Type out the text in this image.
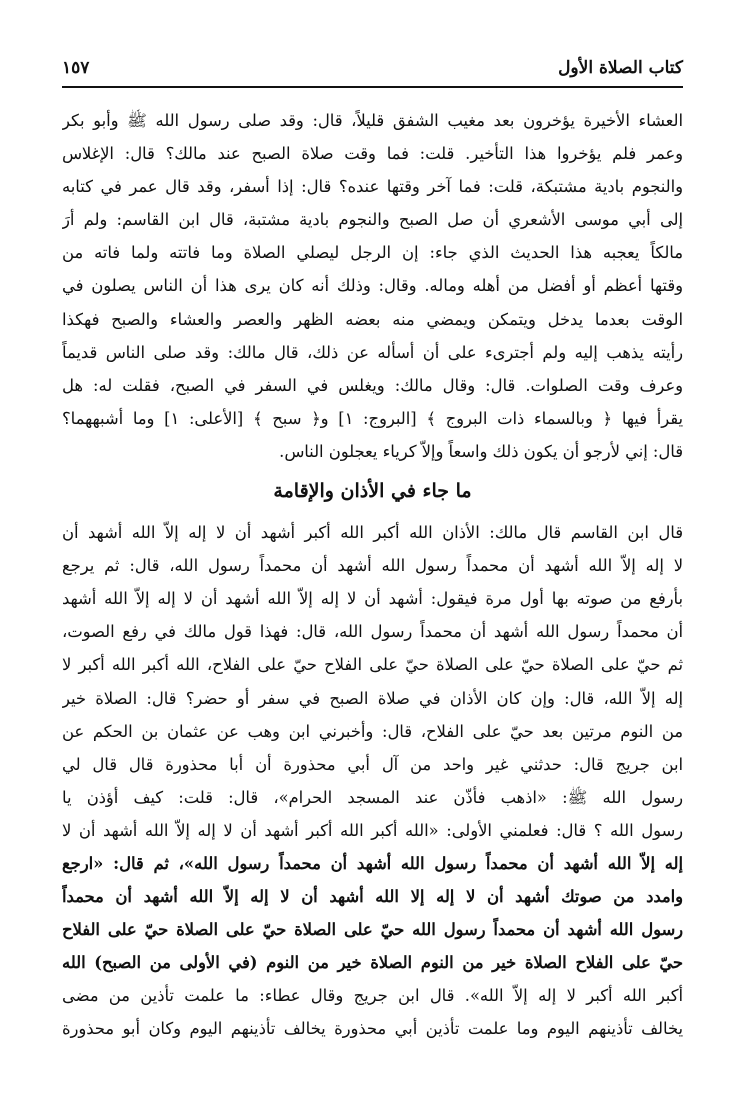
كتاب الصلاة الأول
١٥٧
العشاء الأخيرة يؤخرون بعد مغيب الشفق قليلاً، قال: وقد صلى رسول الله ﷺ وأبو بكر
وعمر فلم يؤخروا هذا التأخير. قلت: فما وقت صلاة الصبح عند مالك؟ قال: الإغلاس
والنجوم بادية مشتبكة، قلت: فما آخر وقتها عنده؟ قال: إذا أسفر، وقد قال عمر في كتابه
إلى أبي موسى الأشعري أن صل الصبح والنجوم بادية مشتبة، قال ابن القاسم: ولم أرَ
مالكاً يعجبه هذا الحديث الذي جاء: إن الرجل ليصلي الصلاة وما فاتته ولما فاته من
وقتها أعظم أو أفضل من أهله وماله. وقال: وذلك أنه كان يرى هذا أن الناس يصلون في
الوقت بعدما يدخل ويتمكن ويمضي منه بعضه الظهر والعصر والعشاء والصبح فهكذا
رأيته يذهب إليه ولم أجترىء على أن أسأله عن ذلك، قال مالك: وقد صلى الناس قديماً
وعرف وقت الصلوات. قال: وقال مالك: ويغلس في السفر في الصبح، فقلت له: هل
يقرأ فيها ﴿ وبالسماء ذات البروج ﴾ [البروج: ١] و﴿ سبح ﴾ [الأعلى: ١] وما أشبههما؟
قال: إني لأرجو أن يكون ذلك واسعاً وإلاّ كرياء يعجلون الناس.
ما جاء في الأذان والإقامة
قال ابن القاسم قال مالك: الأذان الله أكبر الله أكبر أشهد أن لا إله إلاّ الله أشهد أن
لا إله إلاّ الله أشهد أن محمداً رسول الله أشهد أن محمداً رسول الله، قال: ثم يرجع
بأرفع من صوته بها أول مرة فيقول: أشهد أن لا إله إلاّ الله أشهد أن لا إله إلاّ الله أشهد
أن محمداً رسول الله أشهد أن محمداً رسول الله، قال: فهذا قول مالك في رفع الصوت،
ثم حيّ على الصلاة حيّ على الصلاة حيّ على الفلاح حيّ على الفلاح، الله أكبر الله أكبر لا
إله إلاّ الله، قال: وإن كان الأذان في صلاة الصبح في سفر أو حضر؟ قال: الصلاة خير
من النوم مرتين بعد حيّ على الفلاح، قال: وأخبرني ابن وهب عن عثمان بن الحكم عن
ابن جريج قال: حدثني غير واحد من آل أبي محذورة أن أبا محذورة قال قال لي
رسول الله ﷺ: «اذهب فأذّن عند المسجد الحرام»، قال: قلت: كيف أؤذن يا
رسول الله ؟ قال: فعلمني الأولى: «الله أكبر الله أكبر أشهد أن لا إله إلاّ الله أشهد أن لا
إله إلاّ الله أشهد أن محمداً رسول الله أشهد أن محمداً رسول الله»، ثم قال: «ارجع
وامدد من صوتك أشهد أن لا إله إلا الله أشهد أن لا إله إلاّ الله أشهد أن محمداً
رسول الله أشهد أن محمداً رسول الله حيّ على الصلاة حيّ على الصلاة حيّ على الفلاح
حيّ على الفلاح الصلاة خير من النوم الصلاة خير من النوم (في الأولى من الصبح) الله
أكبر الله أكبر لا إله إلاّ الله». قال ابن جريج وقال عطاء: ما علمت تأذين من مضى
يخالف تأذينهم اليوم وما علمت تأذين أبي محذورة يخالف تأذينهم اليوم وكان أبو محذورة
